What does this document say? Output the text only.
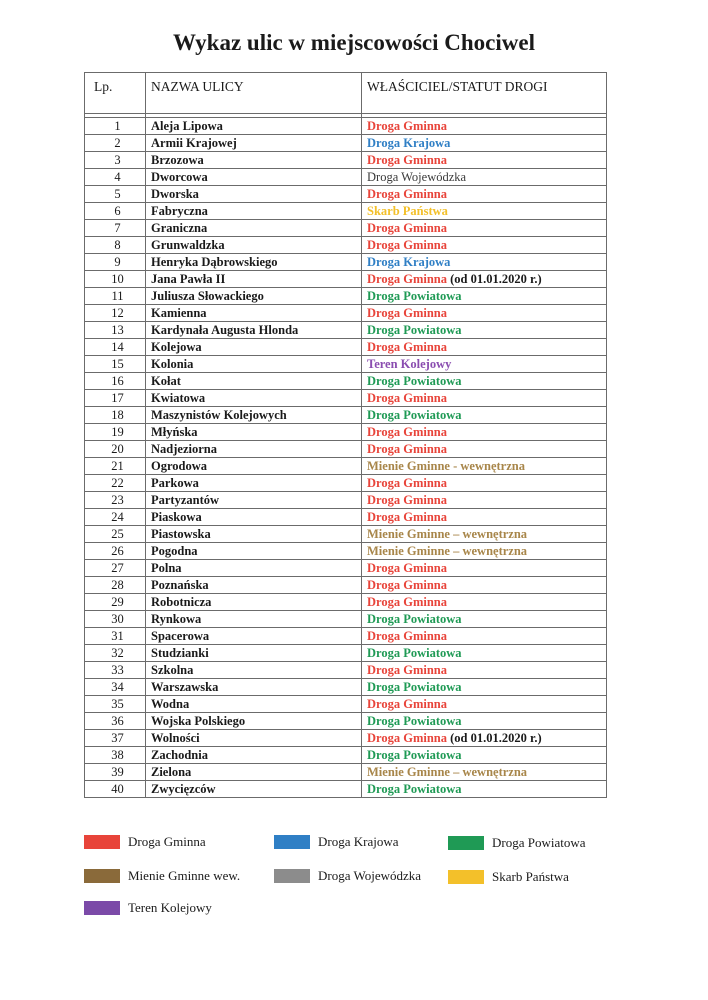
Wykaz ulic w miejscowości Chociwel
Lp.	NAZWA ULICY	WŁAŚCICIEL/STATUT DROGI

1	Aleja Lipowa	Droga Gminna
2	Armii Krajowej	Droga Krajowa
3	Brzozowa	Droga Gminna
4	Dworcowa	Droga Wojewódzka
5	Dworska	Droga Gminna
6	Fabryczna	Skarb Państwa
7	Graniczna	Droga Gminna
8	Grunwaldzka	Droga Gminna
9	Henryka Dąbrowskiego	Droga Krajowa
10	Jana Pawła II	Droga Gminna (od 01.01.2020 r.)
11	Juliusza Słowackiego	Droga Powiatowa
12	Kamienna	Droga Gminna
13	Kardynała Augusta Hlonda	Droga Powiatowa
14	Kolejowa	Droga Gminna
15	Kolonia	Teren Kolejowy
16	Kołat	Droga Powiatowa
17	Kwiatowa	Droga Gminna
18	Maszynistów Kolejowych	Droga Powiatowa
19	Młyńska	Droga Gminna
20	Nadjeziorna	Droga Gminna
21	Ogrodowa	Mienie Gminne - wewnętrzna
22	Parkowa	Droga Gminna
23	Partyzantów	Droga Gminna
24	Piaskowa	Droga Gminna
25	Piastowska	Mienie Gminne – wewnętrzna
26	Pogodna	Mienie Gminne – wewnętrzna
27	Polna	Droga Gminna
28	Poznańska	Droga Gminna
29	Robotnicza	Droga Gminna
30	Rynkowa	Droga Powiatowa
31	Spacerowa	Droga Gminna
32	Studzianki	Droga Powiatowa
33	Szkolna	Droga Gminna
34	Warszawska	Droga Powiatowa
35	Wodna	Droga Gminna
36	Wojska Polskiego	Droga Powiatowa
37	Wolności	Droga Gminna (od 01.01.2020 r.)
38	Zachodnia	Droga Powiatowa
39	Zielona	Mienie Gminne – wewnętrzna
40	Zwycięzców	Droga Powiatowa
Droga Gminna	Droga Krajowa	Droga Powiatowa
Mienie Gminne wew.	Droga Wojewódzka	Skarb Państwa
Teren Kolejowy
